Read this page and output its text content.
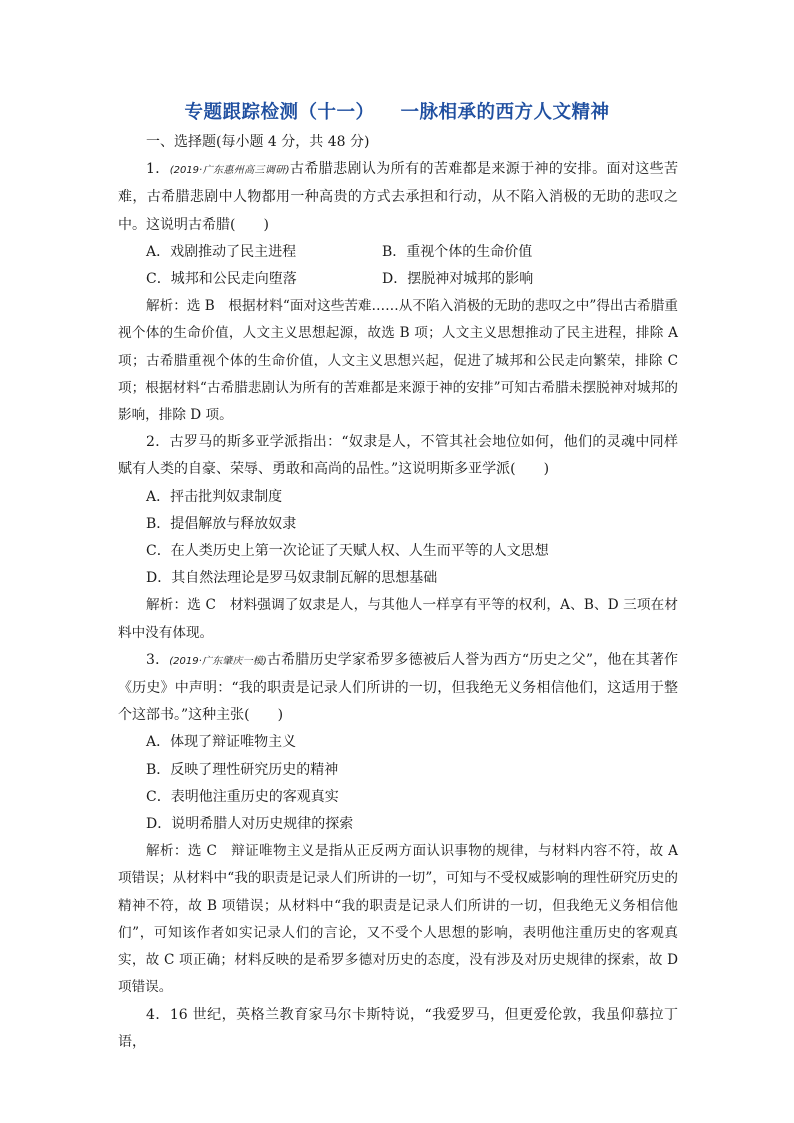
专题跟踪检测（十一） 一脉相承的西方人文精神

一、选择题(每小题 4 分，共 48 分)

1．(2019·广东惠州高三调研)古希腊悲剧认为所有的苦难都是来源于神的安排。面对这些苦难，古希腊悲剧中人物都用一种高贵的方式去承担和行动，从不陷入消极的无助的悲叹之中。这说明古希腊(　　)

A．戏剧推动了民主进程	B．重视个体的生命价值
C．城邦和公民走向堕落	D．摆脱神对城邦的影响

解析：选 B　根据材料“面对这些苦难……从不陷入消极的无助的悲叹之中”得出古希腊重视个体的生命价值，人文主义思想起源，故选 B 项；人文主义思想推动了民主进程，排除 A 项；古希腊重视个体的生命价值，人文主义思想兴起，促进了城邦和公民走向繁荣，排除 C 项；根据材料“古希腊悲剧认为所有的苦难都是来源于神的安排”可知古希腊未摆脱神对城邦的影响，排除 D 项。

2．古罗马的斯多亚学派指出：“奴隶是人，不管其社会地位如何，他们的灵魂中同样赋有人类的自豪、荣辱、勇敢和高尚的品性。”这说明斯多亚学派(　　)

A．抨击批判奴隶制度

B．提倡解放与释放奴隶

C．在人类历史上第一次论证了天赋人权、人生而平等的人文思想

D．其自然法理论是罗马奴隶制瓦解的思想基础

解析：选 C　材料强调了奴隶是人，与其他人一样享有平等的权利，A、B、D 三项在材料中没有体现。

3．(2019·广东肇庆一模)古希腊历史学家希罗多德被后人誉为西方“历史之父”，他在其著作《历史》中声明：“我的职责是记录人们所讲的一切，但我绝无义务相信他们，这适用于整个这部书。”这种主张(　　)

A．体现了辩证唯物主义

B．反映了理性研究历史的精神

C．表明他注重历史的客观真实

D．说明希腊人对历史规律的探索

解析：选 C　辩证唯物主义是指从正反两方面认识事物的规律，与材料内容不符，故 A 项错误；从材料中“我的职责是记录人们所讲的一切”，可知与不受权威影响的理性研究历史的精神不符，故 B 项错误；从材料中“我的职责是记录人们所讲的一切，但我绝无义务相信他们”，可知该作者如实记录人们的言论，又不受个人思想的影响，表明他注重历史的客观真实，故 C 项正确；材料反映的是希罗多德对历史的态度，没有涉及对历史规律的探索，故 D 项错误。

4．16 世纪，英格兰教育家马尔卡斯特说，“我爱罗马，但更爱伦敦，我虽仰慕拉丁语，
